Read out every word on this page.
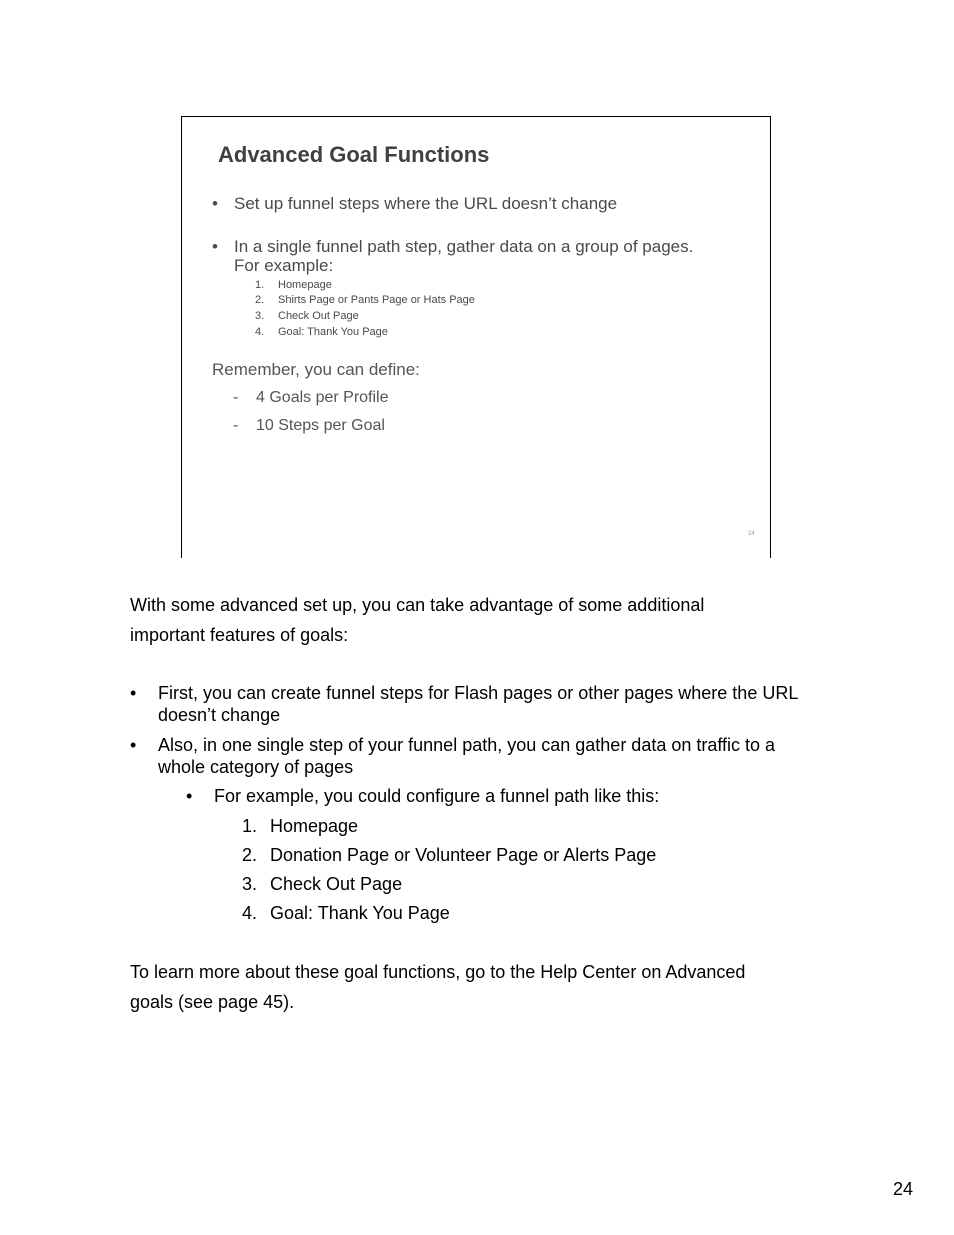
Advanced Goal Functions
• Set up funnel steps where the URL doesn’t change
• In a single funnel path step, gather data on a group of pages.
For example:
1. Homepage
2. Shirts Page or Pants Page or Hats Page
3. Check Out Page
4. Goal: Thank You Page
Remember, you can define:
- 4 Goals per Profile
- 10 Steps per Goal
24

With some advanced set up, you can take advantage of some additional
important features of goals:

• First, you can create funnel steps for Flash pages or other pages where the URL
doesn’t change
• Also, in one single step of your funnel path, you can gather data on traffic to a
whole category of pages
• For example, you could configure a funnel path like this:
1. Homepage
2. Donation Page or Volunteer Page or Alerts Page
3. Check Out Page
4. Goal: Thank You Page

To learn more about these goal functions, go to the Help Center on Advanced
goals (see page 45).

24
